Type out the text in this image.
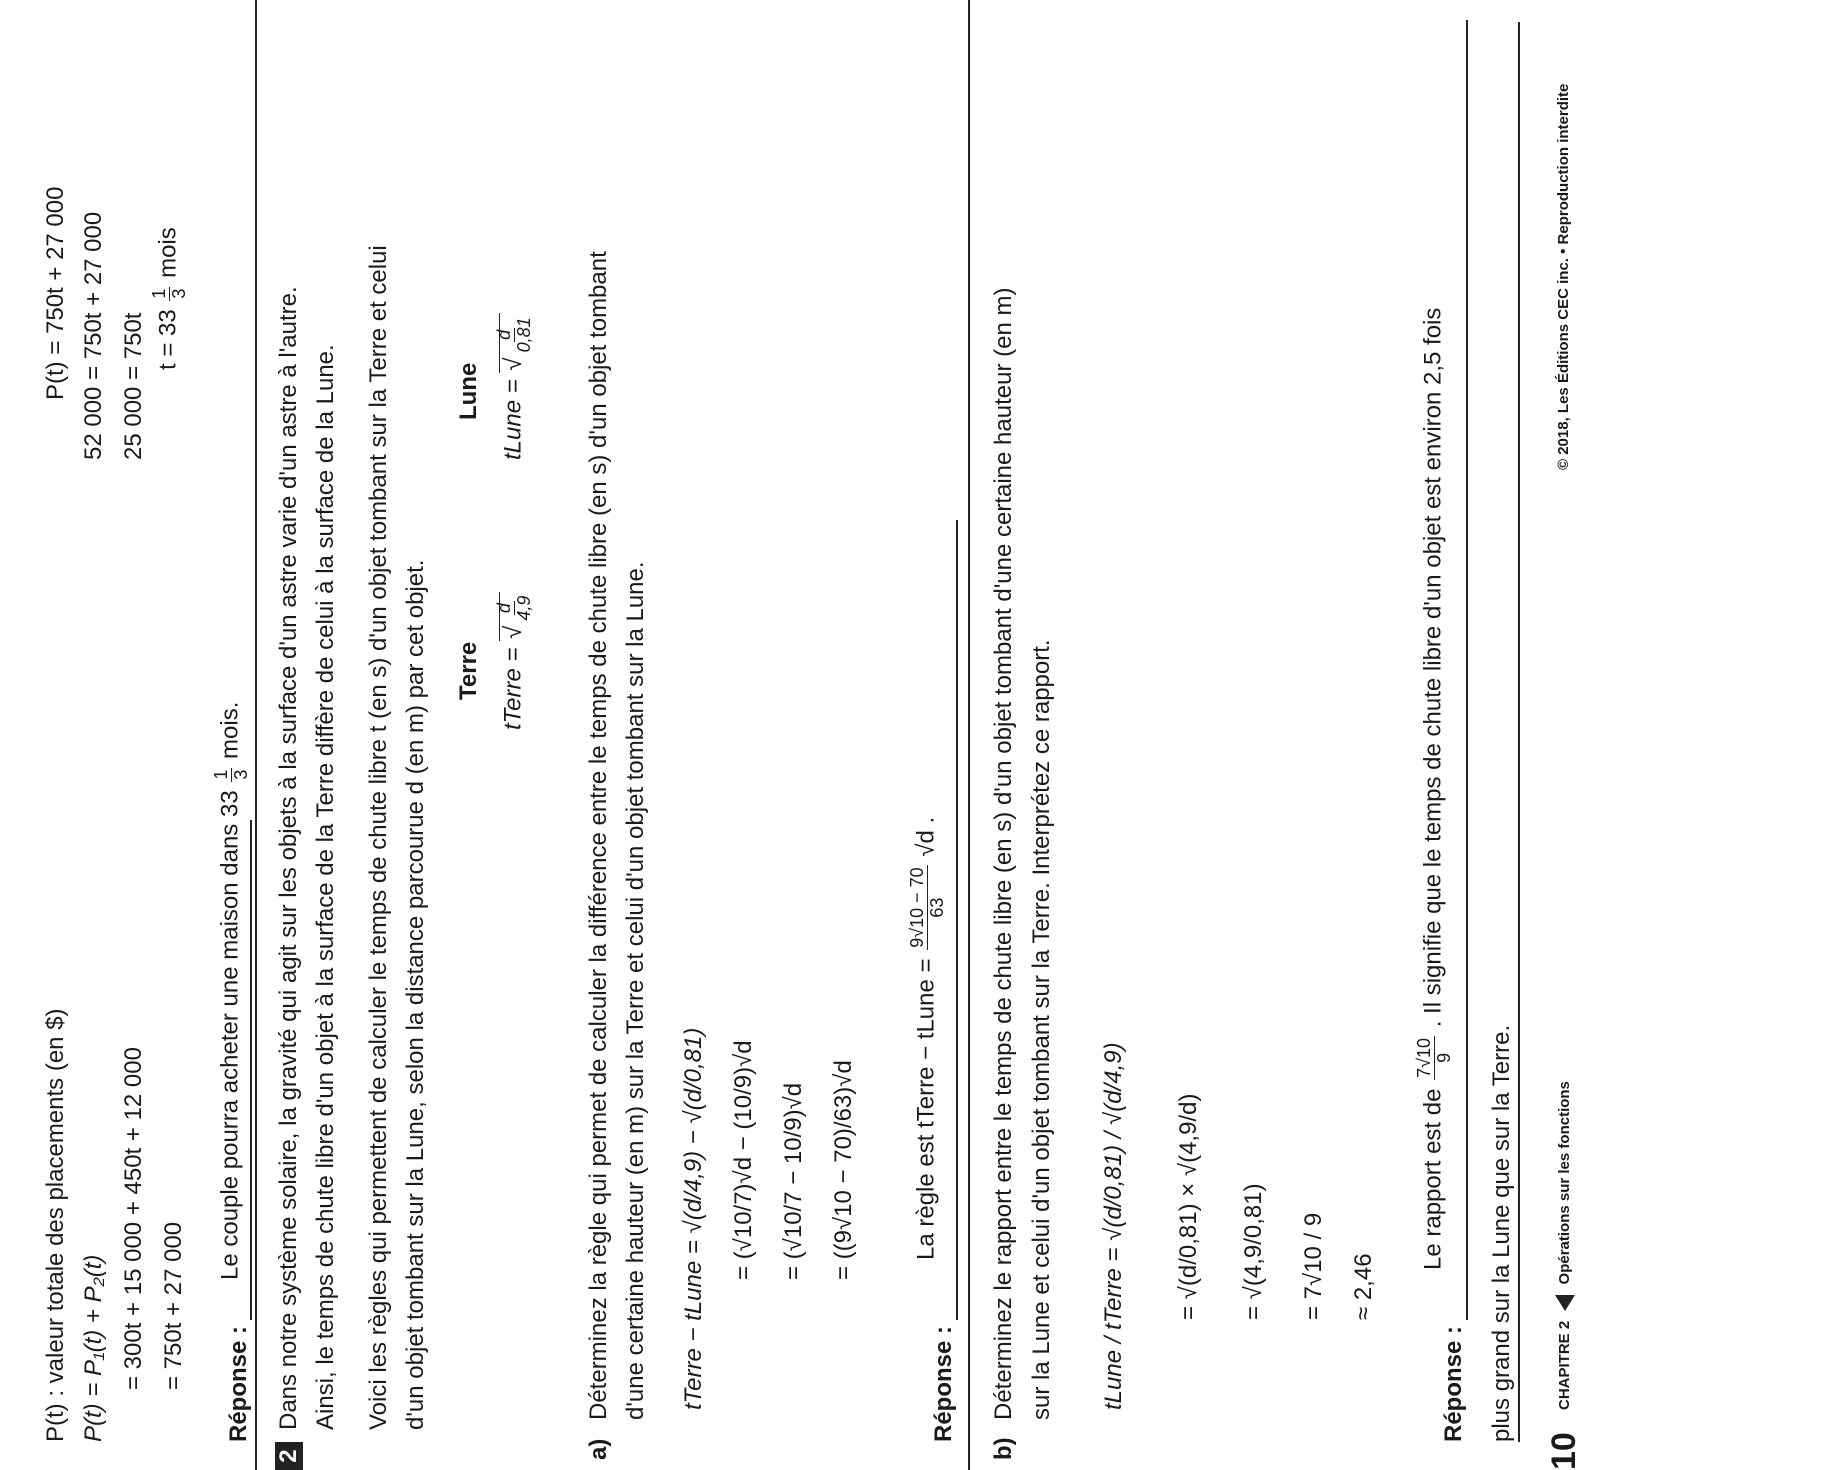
P(t) : valeur totale des placements (en $) P(t) = P₁(t) + P₂(t) = 300t + 15 000 + 450t + 12 000 = 750t + 27 000
P(t) = 750t + 27 000 52 000 = 750t + 27 000 25 000 = 750t t = 33
1 3
mois
Réponse :
Le couple pourra acheter une maison dans 33
1 3
mois.
2
Dans notre système solaire, la gravité qui agit sur les objets à la surface d'un astre varie d'un astre à l'autre. Ainsi, le temps de chute libre d'un objet à la surface de la Terre diffère de celui à la surface de la Lune. Voici les règles qui permettent de calculer le temps de chute libre t (en s) d'un objet tombant sur la Terre et celui d'un objet tombant sur la Lune, selon la distance parcourue d (en m) par cet objet. Terre
Lune
tTerre =
√ d 4,9
tLune =
√ d 0,81
a)
Déterminez la règle qui permet de calculer la différence entre le temps de chute libre (en s) d'un objet tombant d'une certaine hauteur (en m) sur la Terre et celui d'un objet tombant sur la Lune. tTerre − tLune = √(d/4,9) − √(d/0,81) = (√10/7)√d − (10/9)√d = (√10/7 − 10/9)√d = ((9√10 − 70)/63)√d
Réponse :
La règle est tTerre − tLune =
9√10 − 70 63
√d .
b)
Déterminez le rapport entre le temps de chute libre (en s) d'un objet tombant d'une certaine hauteur (en m) sur la Lune et celui d'un objet tombant sur la Terre. Interprétez ce rapport. tLune / tTerre = √(d/0,81) / √(d/4,9) = √(d/0,81) × √(4,9/d) = √(4,9/0,81) = 7√10 / 9 ≈ 2,46
Réponse :
Le rapport est de
7√10 9
. Il signifie que le temps de chute libre d'un objet est environ 2,5 fois
plus grand sur la Lune que sur la Terre.
10
CHAPITRE 2  Opérations sur les fonctions
© 2018, Les Éditions CEC inc. • Reproduction interdite
